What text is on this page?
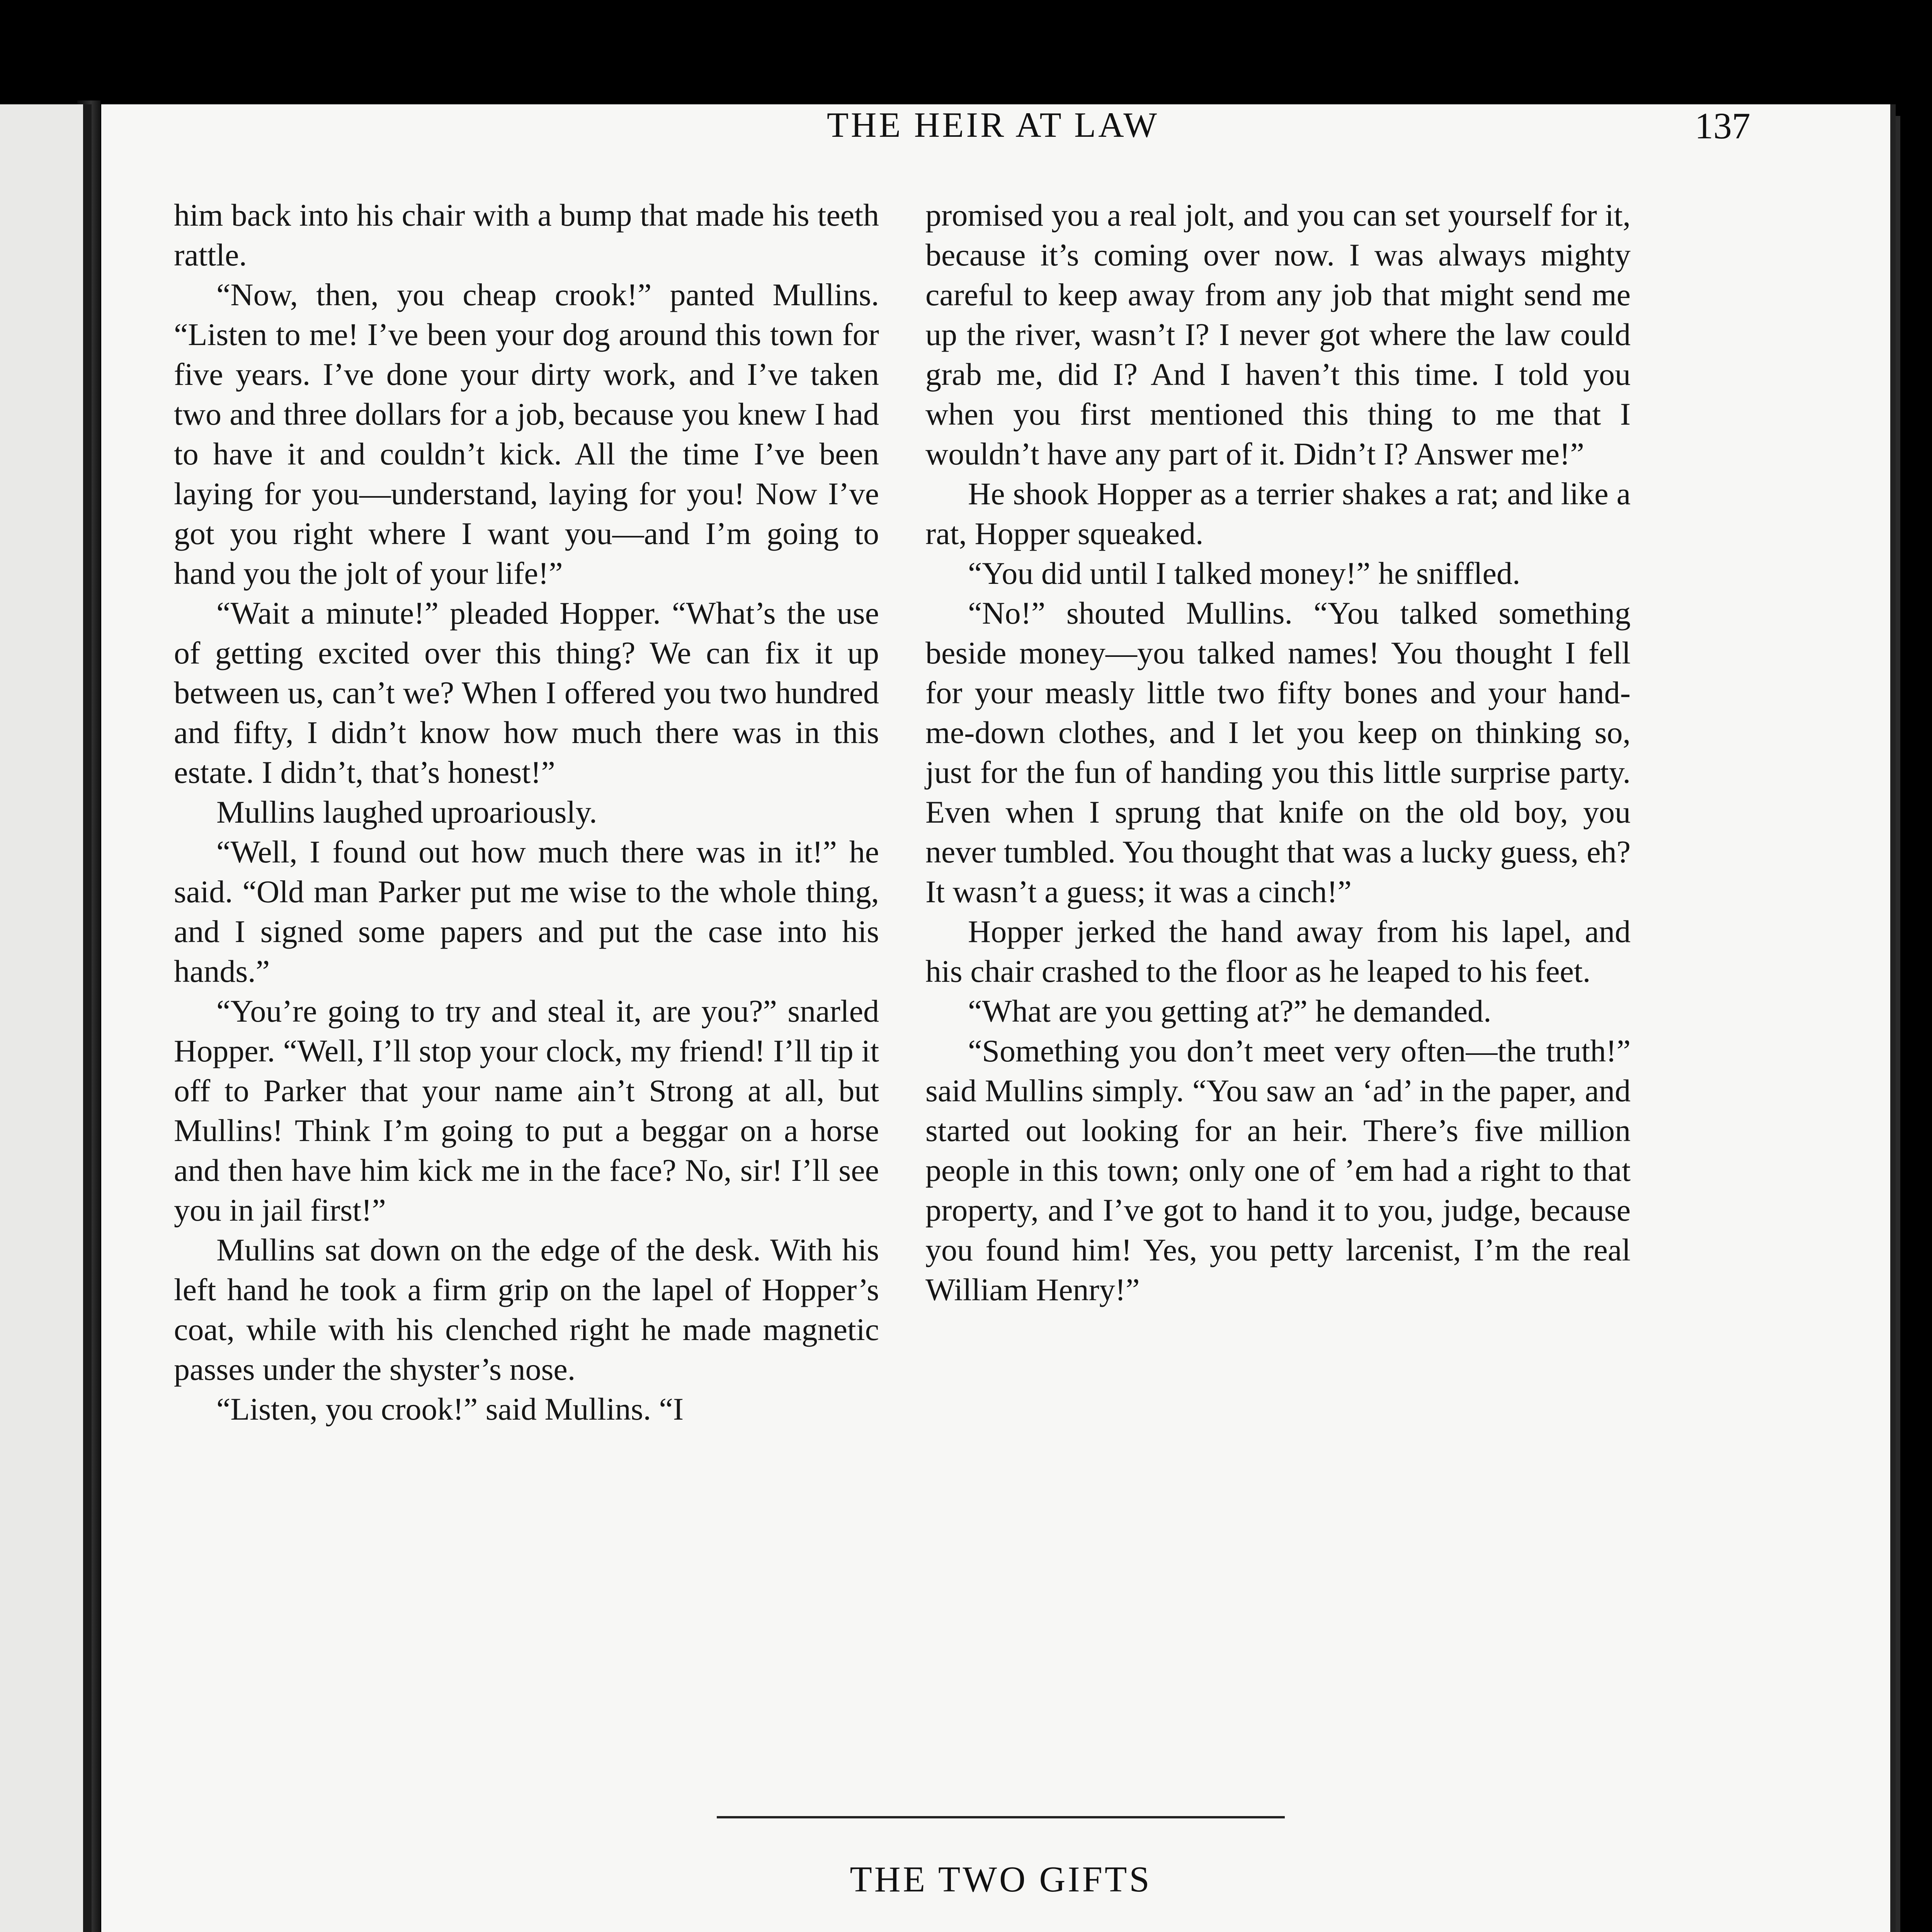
THE HEIR AT LAW	137

him back into his chair with a bump that made his teeth rattle.

“Now, then, you cheap crook!” panted Mullins. “Listen to me! I’ve been your dog around this town for five years. I’ve done your dirty work, and I’ve taken two and three dollars for a job, because you knew I had to have it and couldn’t kick. All the time I’ve been laying for you—understand, laying for you! Now I’ve got you right where I want you—and I’m going to hand you the jolt of your life!”

“Wait a minute!” pleaded Hopper. “What’s the use of getting excited over this thing? We can fix it up between us, can’t we? When I offered you two hundred and fifty, I didn’t know how much there was in this estate. I didn’t, that’s honest!”

Mullins laughed uproariously.

“Well, I found out how much there was in it!” he said. “Old man Parker put me wise to the whole thing, and I signed some papers and put the case into his hands.”

“You’re going to try and steal it, are you?” snarled Hopper. “Well, I’ll stop your clock, my friend! I’ll tip it off to Parker that your name ain’t Strong at all, but Mullins! Think I’m going to put a beggar on a horse and then have him kick me in the face? No, sir! I’ll see you in jail first!”

Mullins sat down on the edge of the desk. With his left hand he took a firm grip on the lapel of Hopper’s coat, while with his clenched right he made magnetic passes under the shyster’s nose.

“Listen, you crook!” said Mullins. “I

promised you a real jolt, and you can set yourself for it, because it’s coming over now. I was always mighty careful to keep away from any job that might send me up the river, wasn’t I? I never got where the law could grab me, did I? And I haven’t this time. I told you when you first mentioned this thing to me that I wouldn’t have any part of it. Didn’t I? Answer me!”

He shook Hopper as a terrier shakes a rat; and like a rat, Hopper squeaked.

“You did until I talked money!” he sniffled.

“No!” shouted Mullins. “You talked something beside money—you talked names! You thought I fell for your measly little two fifty bones and your hand-me-down clothes, and I let you keep on thinking so, just for the fun of handing you this little surprise party. Even when I sprung that knife on the old boy, you never tumbled. You thought that was a lucky guess, eh? It wasn’t a guess; it was a cinch!”

Hopper jerked the hand away from his lapel, and his chair crashed to the floor as he leaped to his feet.

“What are you getting at?” he demanded.

“Something you don’t meet very often—the truth!” said Mullins simply. “You saw an ‘ad’ in the paper, and started out looking for an heir. There’s five million people in this town; only one of ’em had a right to that property, and I’ve got to hand it to you, judge, because you found him! Yes, you petty larcenist, I’m the real William Henry!”

THE TWO GIFTS
